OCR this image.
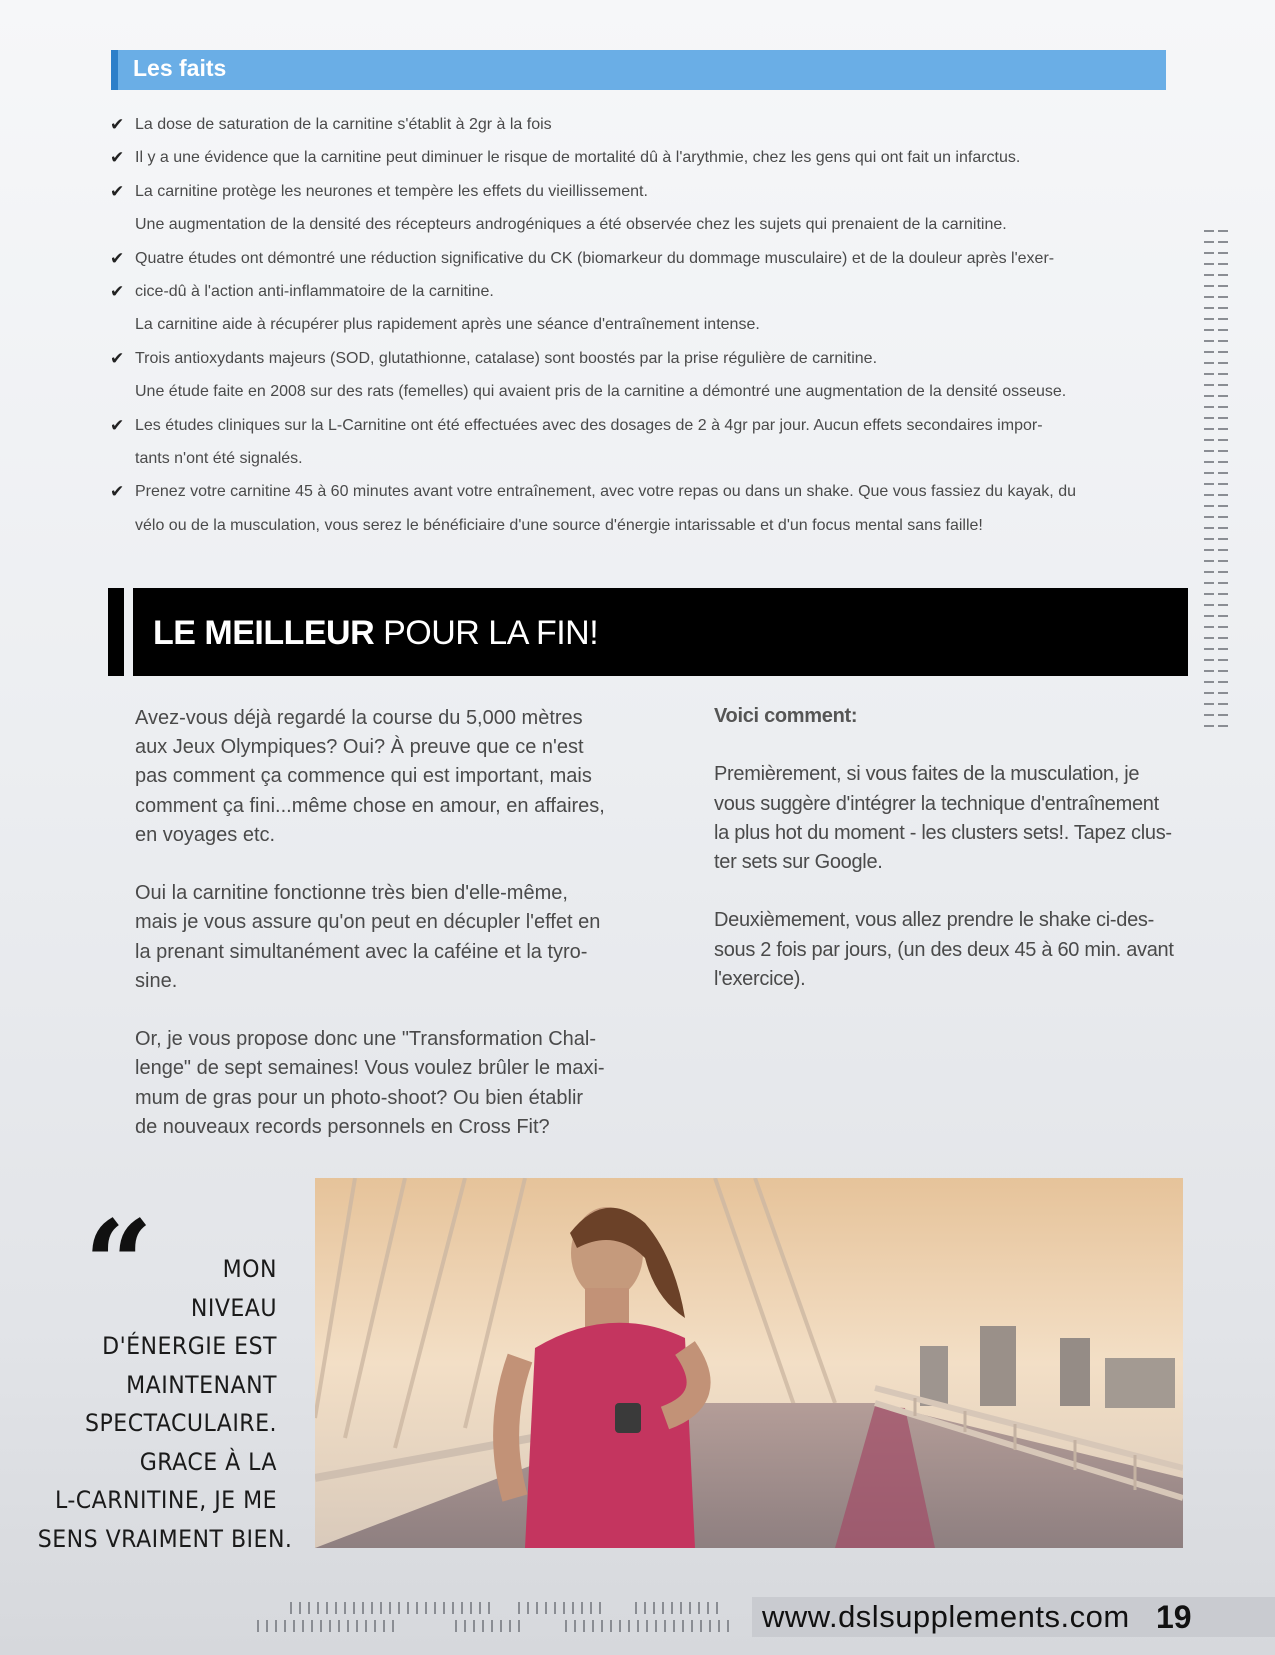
Les faits
✔ La dose de saturation de la carnitine s'établit à 2gr à la fois
✔ Il y a une évidence que la carnitine peut diminuer le risque de mortalité dû à l'arythmie, chez les gens qui ont fait un infarctus.
✔ La carnitine protège les neurones et tempère les effets du vieillissement.
Une augmentation de la densité des récepteurs androgéniques a été observée chez les sujets qui prenaient de la carnitine.
✔ Quatre études ont démontré une réduction significative du CK (biomarkeur du dommage musculaire) et de la douleur après l'exer-
✔ cice-dû à l'action anti-inflammatoire de la carnitine.
La carnitine aide à récupérer plus rapidement après une séance d'entraînement intense.
✔ Trois antioxydants majeurs (SOD, glutathionne, catalase) sont boostés par la prise régulière de carnitine.
Une étude faite en 2008 sur des rats (femelles) qui avaient pris de la carnitine a démontré une augmentation de la densité osseuse.
✔ Les études cliniques sur la L-Carnitine ont été effectuées avec des dosages de 2 à 4gr par jour. Aucun effets secondaires impor-
tants n'ont été signalés.
✔ Prenez votre carnitine 45 à 60 minutes avant votre entraînement, avec votre repas ou dans un shake. Que vous fassiez du kayak, du
vélo ou de la musculation, vous serez le bénéficiaire d'une source d'énergie intarissable et d'un focus mental sans faille!
LE MEILLEUR POUR LA FIN!
Avez-vous déjà regardé la course du 5,000 mètres
aux Jeux Olympiques? Oui? À preuve que ce n'est
pas comment ça commence qui est important, mais
comment ça fini...même chose en amour, en affaires,
en voyages etc.
Oui la carnitine fonctionne très bien d'elle-même,
mais je vous assure qu'on peut en décupler l'effet en
la prenant simultanément avec la caféine et la tyro-
sine.
Or, je vous propose donc une "Transformation Chal-
lenge" de sept semaines! Vous voulez brûler le maxi-
mum de gras pour un photo-shoot? Ou bien établir
de nouveaux records personnels en Cross Fit?
Voici comment:
Premièrement, si vous faites de la musculation, je
vous suggère d'intégrer la technique d'entraînement
la plus hot du moment - les clusters sets!. Tapez clus-
ter sets sur Google.
Deuxièmement, vous allez prendre le shake ci-des-
sous 2 fois par jours, (un des deux 45 à 60 min. avant
l'exercice).
“	MON
NIVEAU
D'ÉNERGIE EST
MAINTENANT
SPECTACULAIRE.
GRACE À LA
L-CARNITINE, JE ME
SENS VRAIMENT BIEN.
www.dslsupplements.com 19
